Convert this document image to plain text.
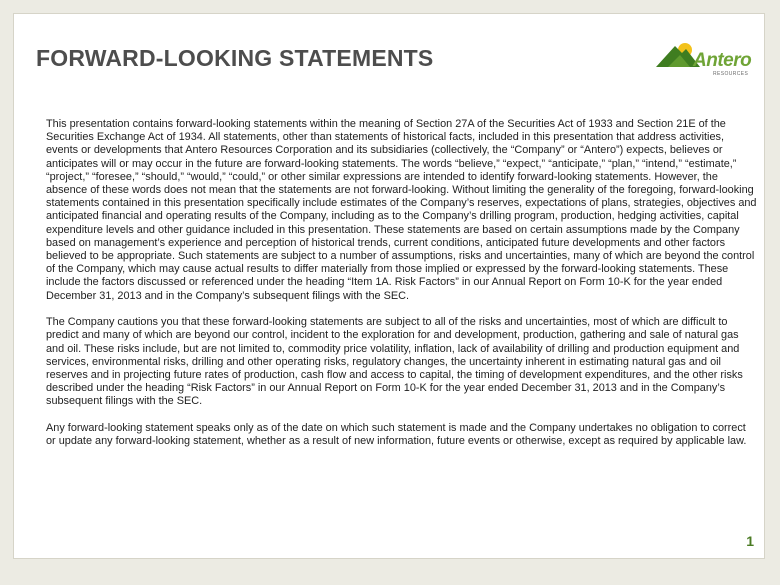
FORWARD-LOOKING STATEMENTS	Antero
RESOURCES

This presentation contains forward-looking statements within the meaning of Section 27A of the Securities Act of 1933 and Section 21E of the Securities Exchange Act of 1934. All statements, other than statements of historical facts, included in this presentation that address activities, events or developments that Antero Resources Corporation and its subsidiaries (collectively, the “Company” or “Antero”) expects, believes or anticipates will or may occur in the future are forward-looking statements. The words “believe,” “expect,” “anticipate,” “plan,” “intend,” “estimate,” “project,” “foresee,” “should,” “would,” “could,” or other similar expressions are intended to identify forward-looking statements. However, the absence of these words does not mean that the statements are not forward-looking. Without limiting the generality of the foregoing, forward-looking statements contained in this presentation specifically include estimates of the Company’s reserves, expectations of plans, strategies, objectives and anticipated financial and operating results of the Company, including as to the Company’s drilling program, production, hedging activities, capital expenditure levels and other guidance included in this presentation. These statements are based on certain assumptions made by the Company based on management’s experience and perception of historical trends, current conditions, anticipated future developments and other factors believed to be appropriate. Such statements are subject to a number of assumptions, risks and uncertainties, many of which are beyond the control of the Company, which may cause actual results to differ materially from those implied or expressed by the forward-looking statements. These include the factors discussed or referenced under the heading “Item 1A. Risk Factors” in our Annual Report on Form 10-K for the year ended December 31, 2013 and in the Company’s subsequent filings with the SEC.

The Company cautions you that these forward-looking statements are subject to all of the risks and uncertainties, most of which are difficult to predict and many of which are beyond our control, incident to the exploration for and development, production, gathering and sale of natural gas and oil. These risks include, but are not limited to, commodity price volatility, inflation, lack of availability of drilling and production equipment and services, environmental risks, drilling and other operating risks, regulatory changes, the uncertainty inherent in estimating natural gas and oil reserves and in projecting future rates of production, cash flow and access to capital, the timing of development expenditures, and the other risks described under the heading “Risk Factors” in our Annual Report on Form 10-K for the year ended December 31, 2013 and in the Company’s subsequent filings with the SEC.

Any forward-looking statement speaks only as of the date on which such statement is made and the Company undertakes no obligation to correct or update any forward-looking statement, whether as a result of new information, future events or otherwise, except as required by applicable law.

1
